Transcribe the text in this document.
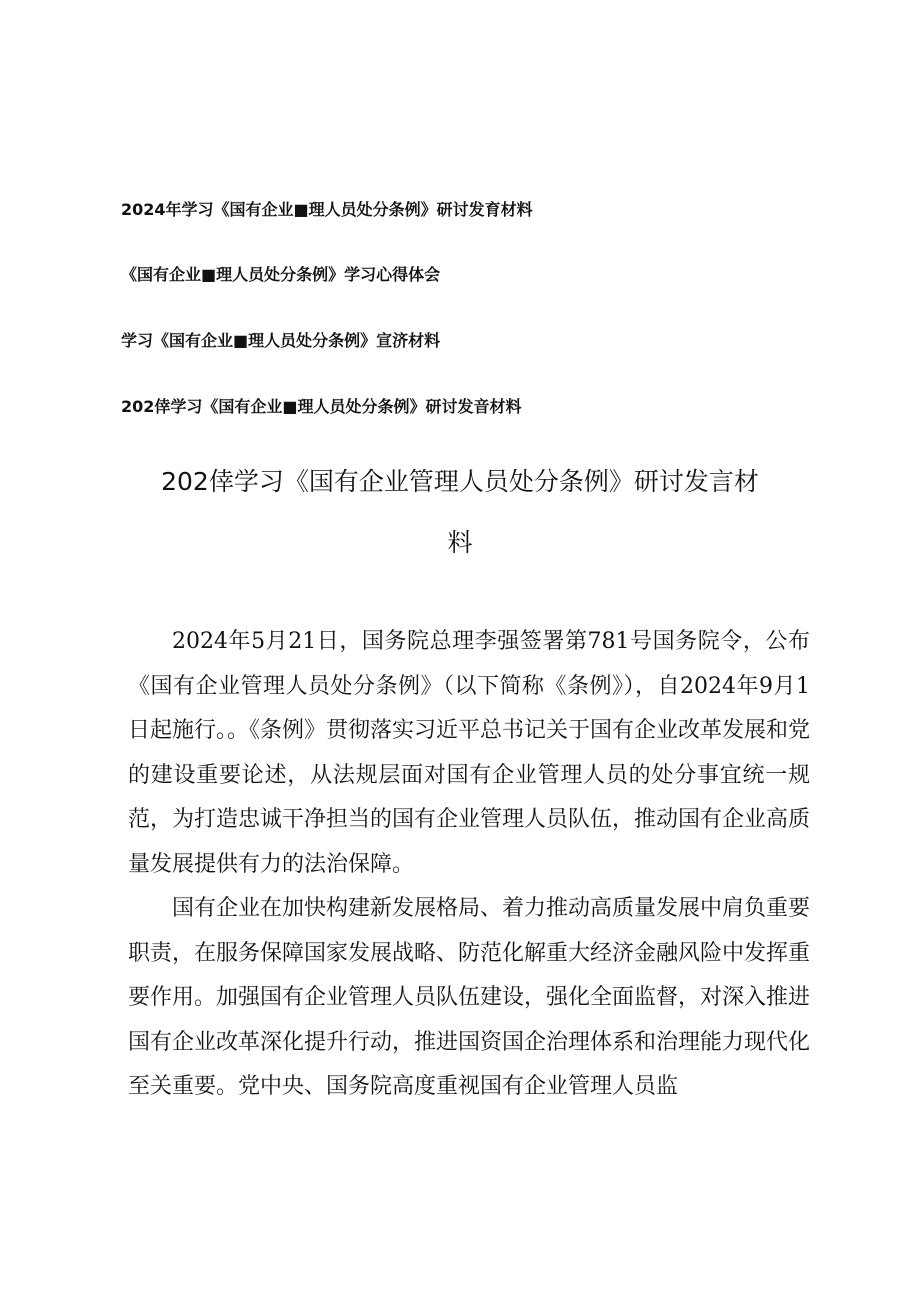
2024年学习《国有企业■理人员处分条例》研讨发育材料
《国有企业■理人员处分条例》学习心得体会
学习《国有企业■理人员处分条例》宣济材料
202倖学习《国有企业■理人员处分条例》研讨发音材料
202倖学习《国有企业管理人员处分条例》研讨发言材
料

2024年5月21日，国务院总理李强签署第781号国务院令，公布《国有企业管理人员处分条例》（以下简称《条例》），自2024年9月1日起施行。。《条例》贯彻落实习近平总书记关于国有企业改革发展和党的建设重要论述，从法规层面对国有企业管理人员的处分事宜统一规范，为打造忠诚干净担当的国有企业管理人员队伍，推动国有企业高质量发展提供有力的法治保障。

国有企业在加快构建新发展格局、着力推动高质量发展中肩负重要职责，在服务保障国家发展战略、防范化解重大经济金融风险中发挥重要作用。加强国有企业管理人员队伍建设，强化全面监督，对深入推进国有企业改革深化提升行动，推进国资国企治理体系和治理能力现代化至关重要。党中央、国务院高度重视国有企业管理人员监
